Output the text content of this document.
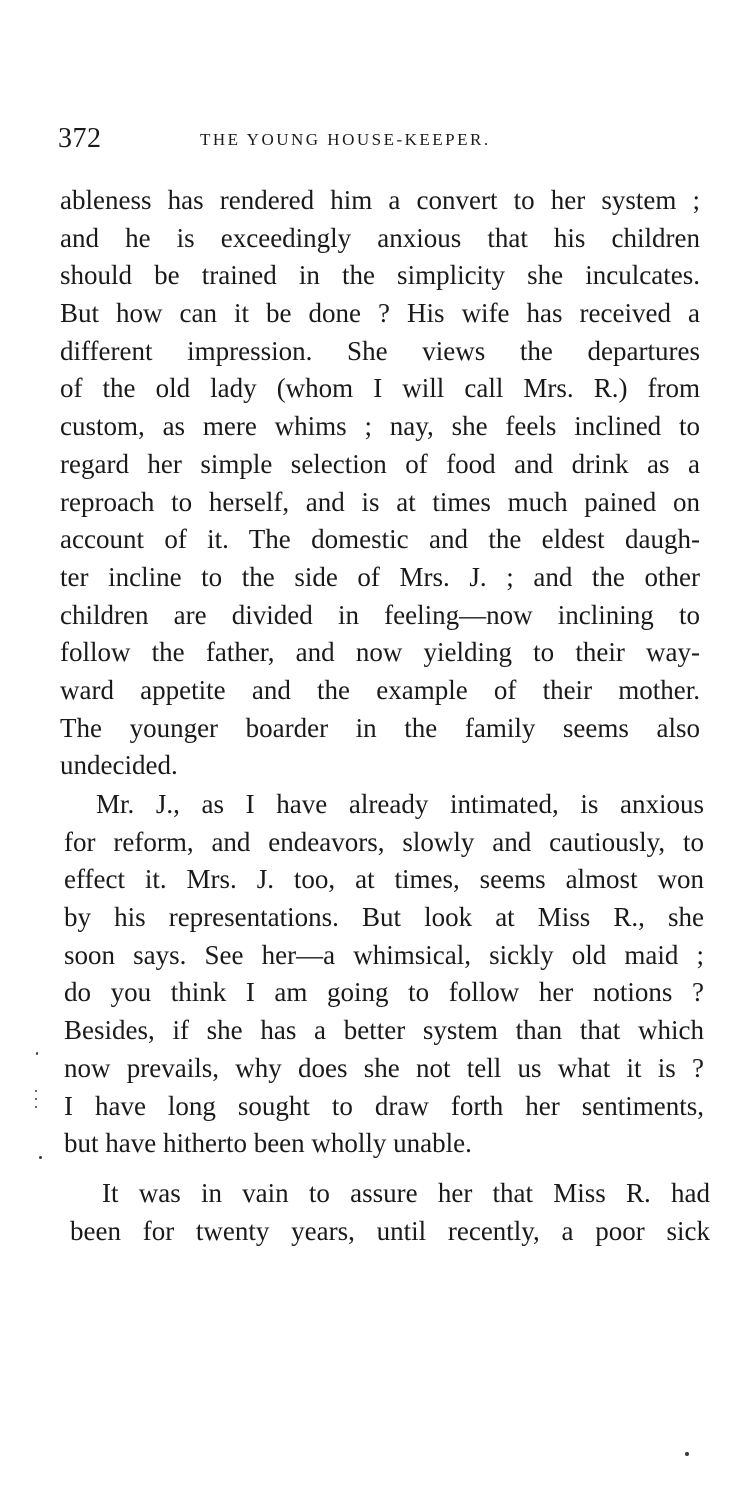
372	THE YOUNG HOUSE-KEEPER.
ableness has rendered him a convert to her system ;
and he is exceedingly anxious that his children
should be trained in the simplicity she inculcates.
But how can it be done ? His wife has received a
different impression. She views the departures
of the old lady (whom I will call Mrs. R.) from
custom, as mere whims ; nay, she feels inclined to
regard her simple selection of food and drink as a
reproach to herself, and is at times much pained on
account of it. The domestic and the eldest daugh-
ter incline to the side of Mrs. J. ; and the other
children are divided in feeling—now inclining to
follow the father, and now yielding to their way-
ward appetite and the example of their mother.
The younger boarder in the family seems also
undecided.
Mr. J., as I have already intimated, is anxious
for reform, and endeavors, slowly and cautiously, to
effect it. Mrs. J. too, at times, seems almost won
by his representations. But look at Miss R., she
soon says. See her—a whimsical, sickly old maid ;
do you think I am going to follow her notions ?
Besides, if she has a better system than that which
now prevails, why does she not tell us what it is ?
I have long sought to draw forth her sentiments,
but have hitherto been wholly unable.
It was in vain to assure her that Miss R. had
been for twenty years, until recently, a poor sick
